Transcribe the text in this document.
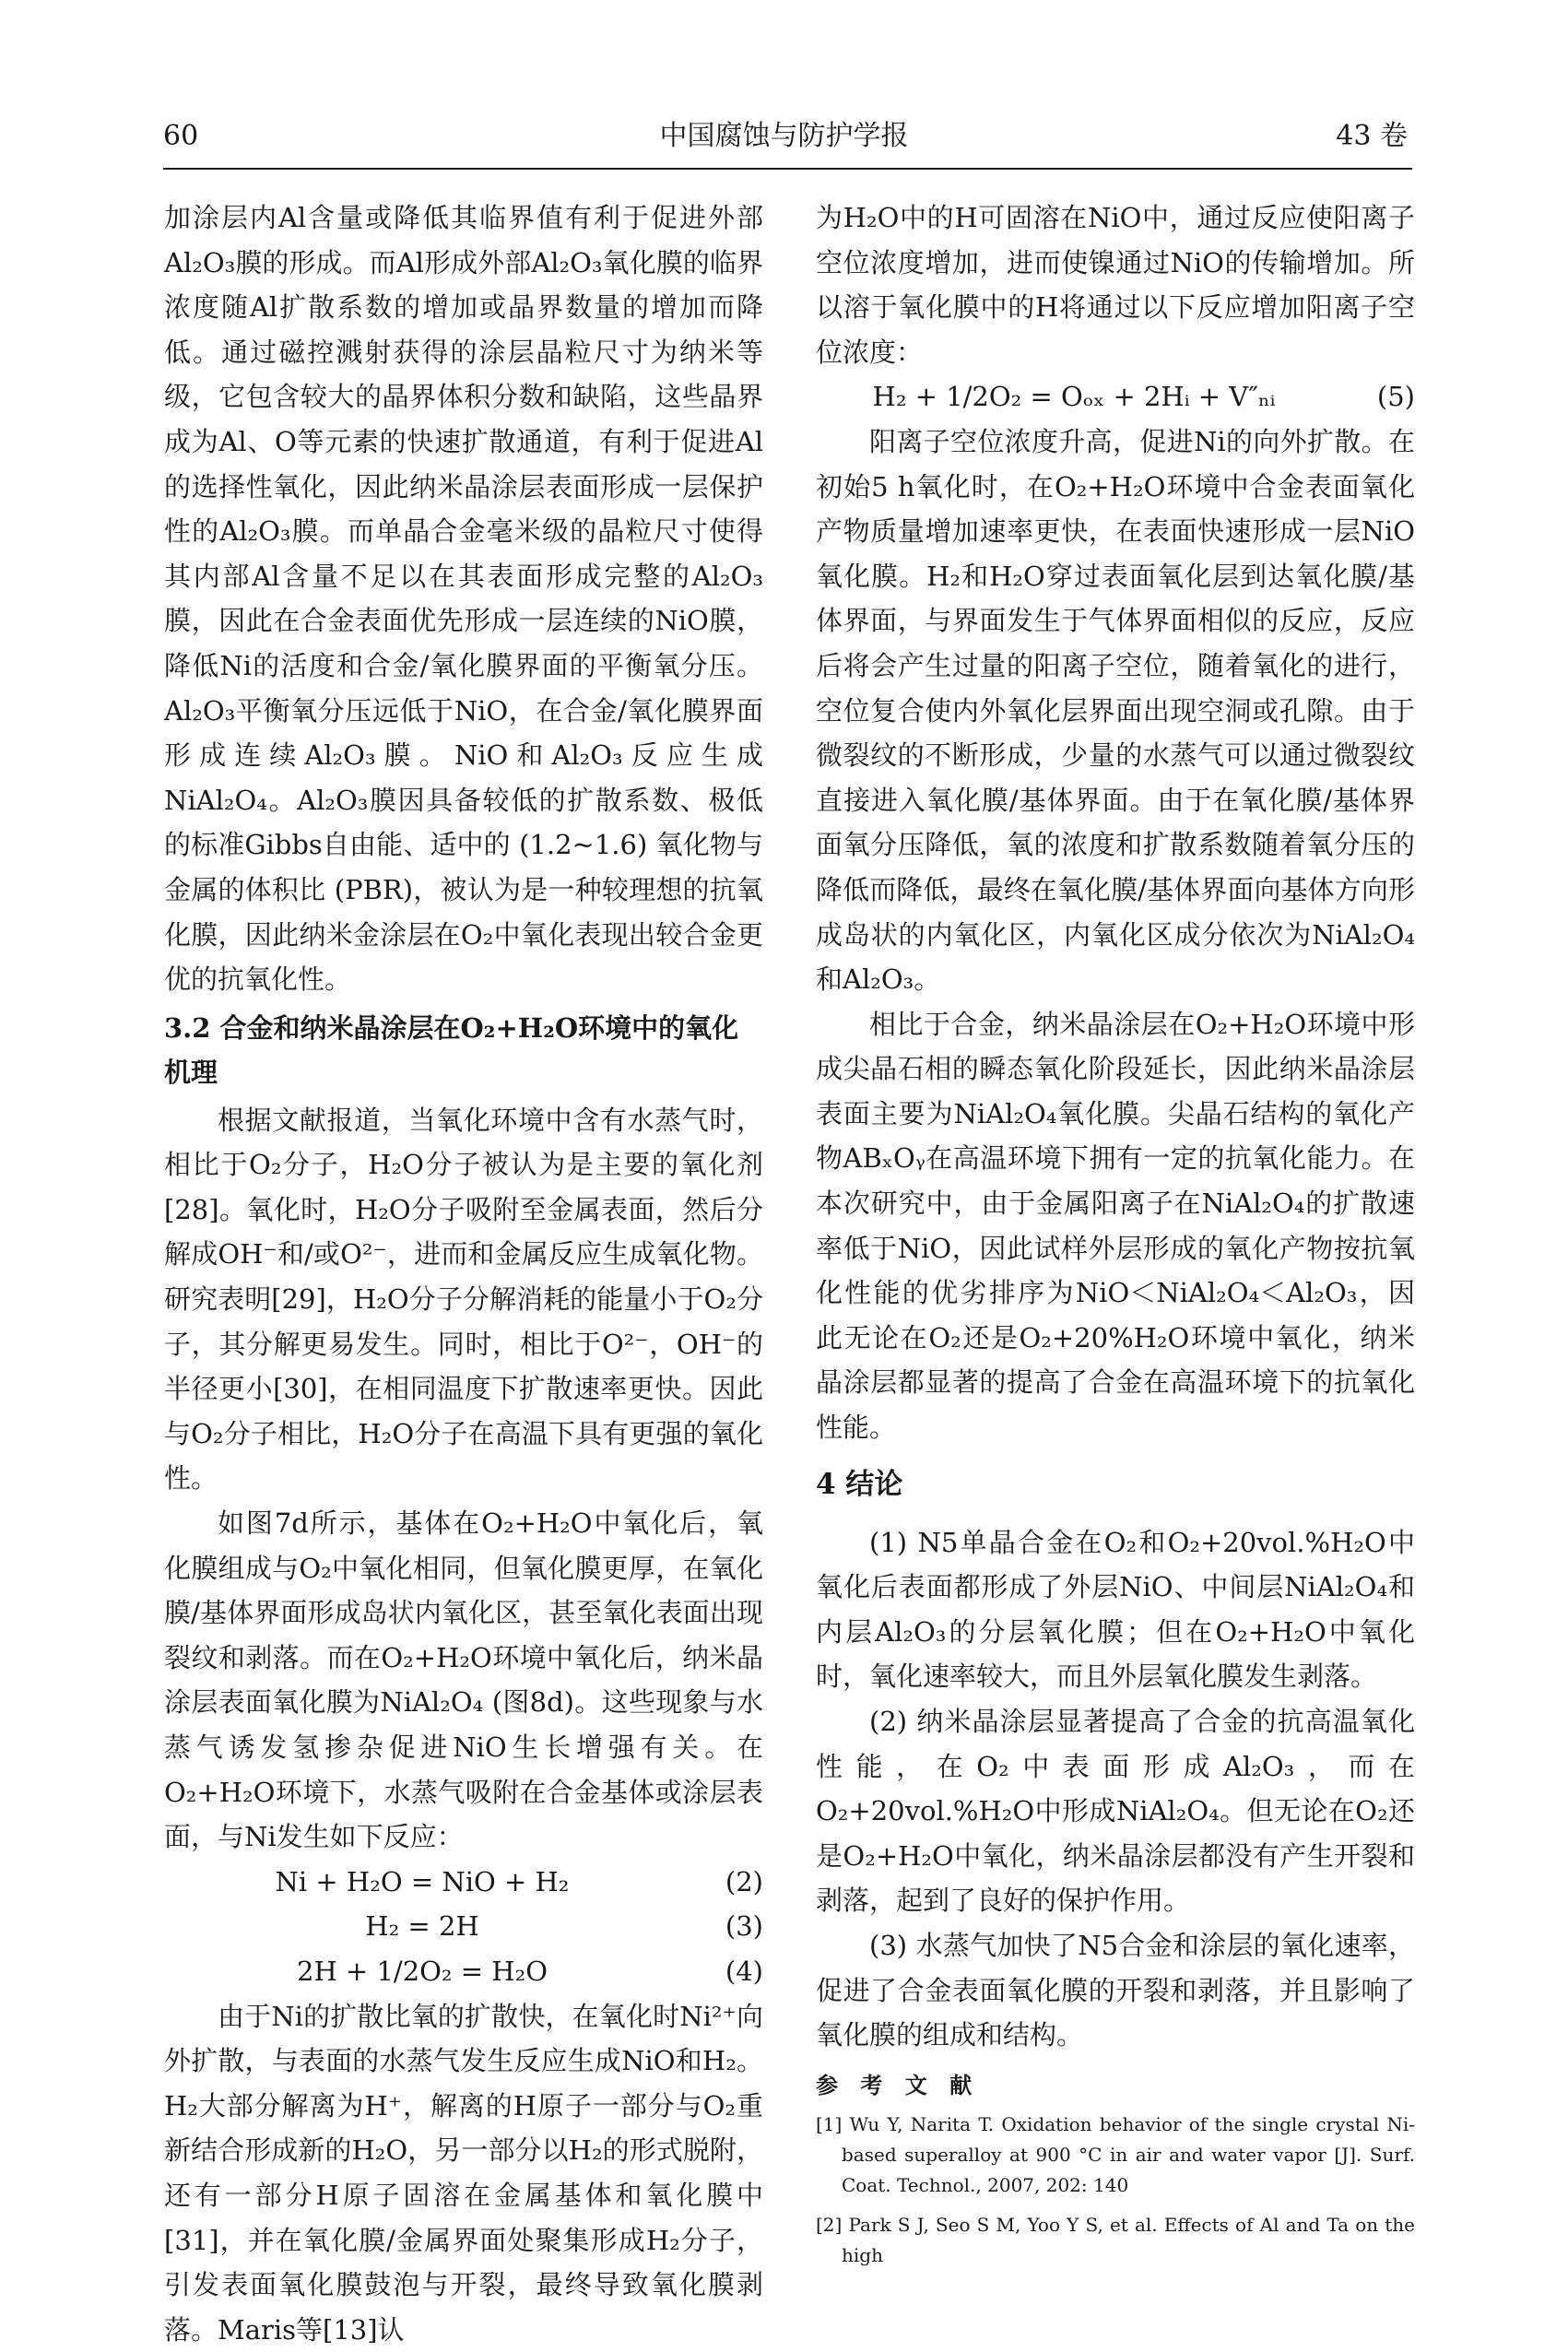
60	中国腐蚀与防护学报	43 卷

加涂层内Al含量或降低其临界值有利于促进外部Al₂O₃膜的形成。而Al形成外部Al₂O₃氧化膜的临界浓度随Al扩散系数的增加或晶界数量的增加而降低。通过磁控溅射获得的涂层晶粒尺寸为纳米等级，它包含较大的晶界体积分数和缺陷，这些晶界成为Al、O等元素的快速扩散通道，有利于促进Al的选择性氧化，因此纳米晶涂层表面形成一层保护性的Al₂O₃膜。而单晶合金毫米级的晶粒尺寸使得其内部Al含量不足以在其表面形成完整的Al₂O₃膜，因此在合金表面优先形成一层连续的NiO膜，降低Ni的活度和合金/氧化膜界面的平衡氧分压。Al₂O₃平衡氧分压远低于NiO，在合金/氧化膜界面形成连续Al₂O₃膜。NiO和Al₂O₃反应生成NiAl₂O₄。Al₂O₃膜因具备较低的扩散系数、极低的标准Gibbs自由能、适中的 (1.2~1.6) 氧化物与金属的体积比 (PBR)，被认为是一种较理想的抗氧化膜，因此纳米金涂层在O₂中氧化表现出较合金更优的抗氧化性。

3.2 合金和纳米晶涂层在O₂+H₂O环境中的氧化机理

根据文献报道，当氧化环境中含有水蒸气时，相比于O₂分子，H₂O分子被认为是主要的氧化剂[28]。氧化时，H₂O分子吸附至金属表面，然后分解成OH⁻和/或O²⁻，进而和金属反应生成氧化物。研究表明[29]，H₂O分子分解消耗的能量小于O₂分子，其分解更易发生。同时，相比于O²⁻，OH⁻的半径更小[30]，在相同温度下扩散速率更快。因此与O₂分子相比，H₂O分子在高温下具有更强的氧化性。

如图7d所示，基体在O₂+H₂O中氧化后，氧化膜组成与O₂中氧化相同，但氧化膜更厚，在氧化膜/基体界面形成岛状内氧化区，甚至氧化表面出现裂纹和剥落。而在O₂+H₂O环境中氧化后，纳米晶涂层表面氧化膜为NiAl₂O₄ (图8d)。这些现象与水蒸气诱发氢掺杂促进NiO生长增强有关。在O₂+H₂O环境下，水蒸气吸附在合金基体或涂层表面，与Ni发生如下反应：

Ni + H₂O = NiO + H₂	(2)
H₂ = 2H	(3)
2H + 1/2O₂ = H₂O	(4)

由于Ni的扩散比氧的扩散快，在氧化时Ni²⁺向外扩散，与表面的水蒸气发生反应生成NiO和H₂。H₂大部分解离为H⁺，解离的H原子一部分与O₂重新结合形成新的H₂O，另一部分以H₂的形式脱附，还有一部分H原子固溶在金属基体和氧化膜中[31]，并在氧化膜/金属界面处聚集形成H₂分子，引发表面氧化膜鼓泡与开裂，最终导致氧化膜剥落。Maris等[13]认

为H₂O中的H可固溶在NiO中，通过反应使阳离子空位浓度增加，进而使镍通过NiO的传输增加。所以溶于氧化膜中的H将通过以下反应增加阳离子空位浓度：

H₂ + 1/2O₂ = Oₒₓ + 2Hᵢ + V″ₙᵢ	(5)

阳离子空位浓度升高，促进Ni的向外扩散。在初始5 h氧化时，在O₂+H₂O环境中合金表面氧化产物质量增加速率更快，在表面快速形成一层NiO氧化膜。H₂和H₂O穿过表面氧化层到达氧化膜/基体界面，与界面发生于气体界面相似的反应，反应后将会产生过量的阳离子空位，随着氧化的进行，空位复合使内外氧化层界面出现空洞或孔隙。由于微裂纹的不断形成，少量的水蒸气可以通过微裂纹直接进入氧化膜/基体界面。由于在氧化膜/基体界面氧分压降低，氧的浓度和扩散系数随着氧分压的降低而降低，最终在氧化膜/基体界面向基体方向形成岛状的内氧化区，内氧化区成分依次为NiAl₂O₄和Al₂O₃。

相比于合金，纳米晶涂层在O₂+H₂O环境中形成尖晶石相的瞬态氧化阶段延长，因此纳米晶涂层表面主要为NiAl₂O₄氧化膜。尖晶石结构的氧化产物ABₓOᵧ在高温环境下拥有一定的抗氧化能力。在本次研究中，由于金属阳离子在NiAl₂O₄的扩散速率低于NiO，因此试样外层形成的氧化产物按抗氧化性能的优劣排序为NiO＜NiAl₂O₄＜Al₂O₃，因此无论在O₂还是O₂+20%H₂O环境中氧化，纳米晶涂层都显著的提高了合金在高温环境下的抗氧化性能。

4 结论

(1) N5单晶合金在O₂和O₂+20vol.%H₂O中氧化后表面都形成了外层NiO、中间层NiAl₂O₄和内层Al₂O₃的分层氧化膜；但在O₂+H₂O中氧化时，氧化速率较大，而且外层氧化膜发生剥落。

(2) 纳米晶涂层显著提高了合金的抗高温氧化性能，在O₂中表面形成Al₂O₃，而在O₂+20vol.%H₂O中形成NiAl₂O₄。但无论在O₂还是O₂+H₂O中氧化，纳米晶涂层都没有产生开裂和剥落，起到了良好的保护作用。

(3) 水蒸气加快了N5合金和涂层的氧化速率，促进了合金表面氧化膜的开裂和剥落，并且影响了氧化膜的组成和结构。

参 考 文 献

[1] Wu Y, Narita T. Oxidation behavior of the single crystal Ni-based superalloy at 900 °C in air and water vapor [J]. Surf. Coat. Technol., 2007, 202: 140

[2] Park S J, Seo S M, Yoo Y S, et al. Effects of Al and Ta on the high
